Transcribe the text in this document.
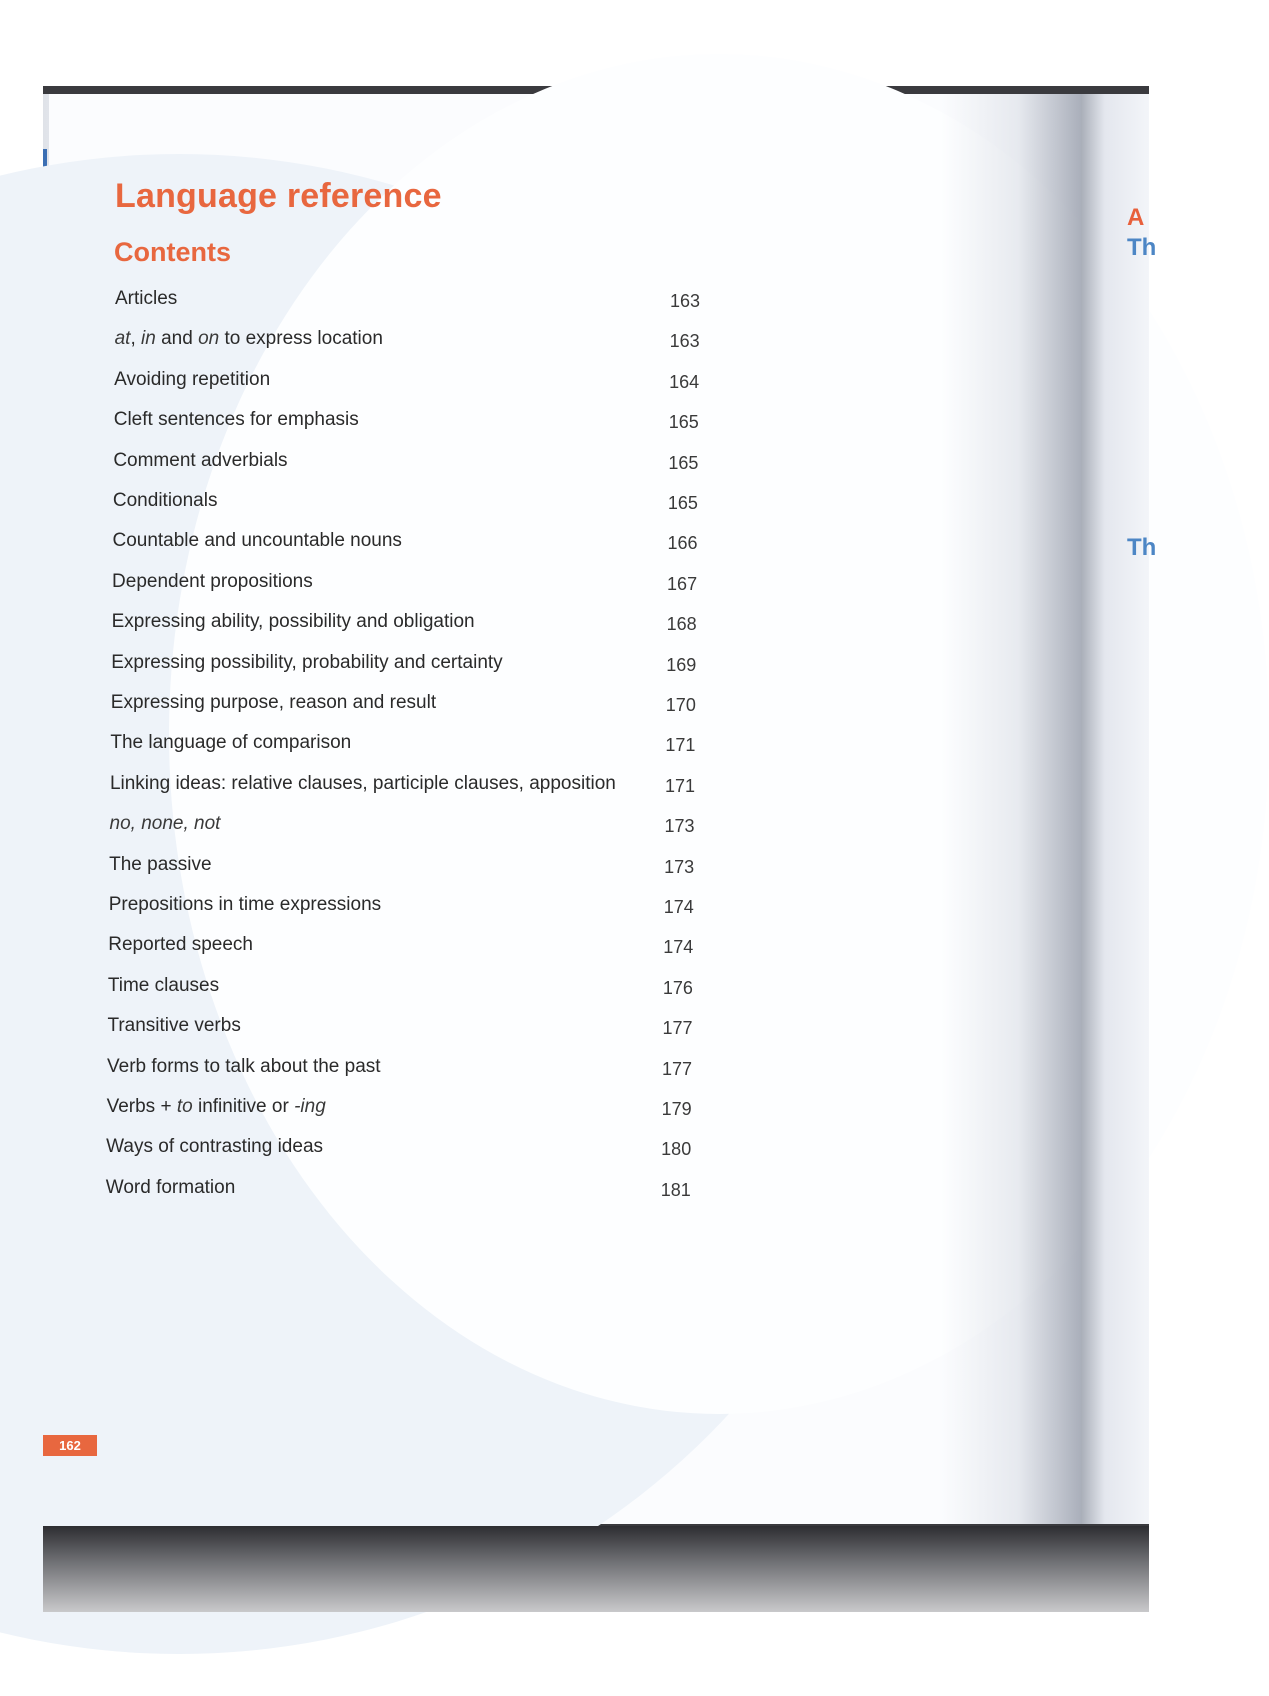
A
Th
Th
Language reference
Contents
Articles	163
at, in and on to express location	163
Avoiding repetition	164
Cleft sentences for emphasis	165
Comment adverbials	165
Conditionals	165
Countable and uncountable nouns	166
Dependent propositions	167
Expressing ability, possibility and obligation	168
Expressing possibility, probability and certainty	169
Expressing purpose, reason and result	170
The language of comparison	171
Linking ideas: relative clauses, participle clauses, apposition	171
no, none, not	173
The passive	173
Prepositions in time expressions	174
Reported speech	174
Time clauses	176
Transitive verbs	177
Verb forms to talk about the past	177
Verbs + to infinitive or -ing	179
Ways of contrasting ideas	180
Word formation	181
162
